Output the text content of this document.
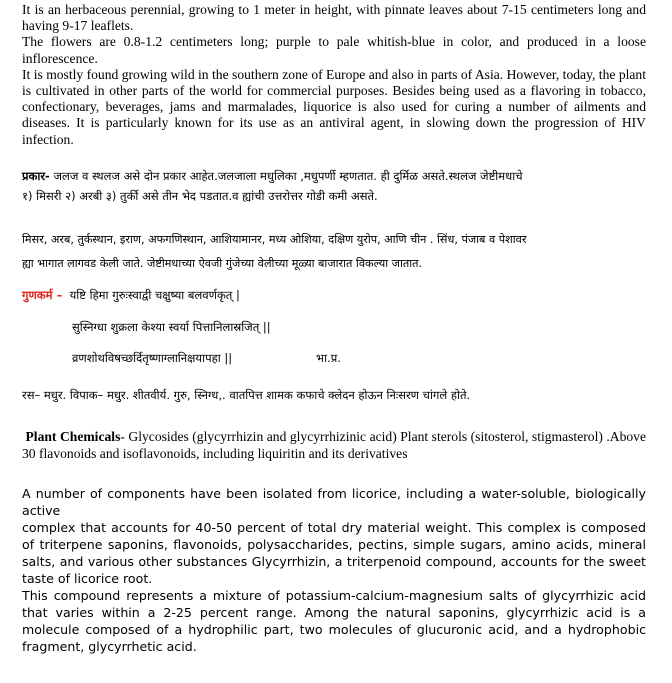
It is an herbaceous perennial, growing to 1 meter in height, with pinnate leaves about 7-15 centimeters long and having 9-17 leaflets.

The flowers are 0.8-1.2 centimeters long; purple to pale whitish-blue in color, and produced in a loose inflorescence.

It is mostly found growing wild in the southern zone of Europe and also in parts of Asia. However, today, the plant is cultivated in other parts of the world for commercial purposes. Besides being used as a flavoring in tobacco, confectionary, beverages, jams and marmalades, liquorice is also used for curing a number of ailments and diseases. It is particularly known for its use as an antiviral agent, in slowing down the progression of HIV infection.

प्रकार- जलज व स्थलज असे दोन प्रकार आहेत.जलजाला मधुलिका ,मधुपर्णी म्हणतात. ही दुर्मिळ असते.स्थलज जेष्टीमधाचे

१) मिसरी २) अरबी ३) तुर्की असे तीन भेद पडतात.व ह्यांची उत्तरोत्तर गोडी कमी असते.

मिसर, अरब, तुर्कस्थान, इराण, अफगणिस्थान, आशियामानर, मध्य ओशिया, दक्षिण युरोप, आणि चीन . सिंध, पंजाब व पेशावर

ह्या भागात लागवड केली जाते. जेष्टीमधाच्या ऐवजी गुंजेच्या वेलीच्या मूळ्या बाजारात विकल्या जातात.

गुणकर्म – यष्टि हिमा गुरुःस्वाद्वी चक्षुष्या बलवर्णकृत् |

सुस्निग्धा शुक्रला केश्या स्वर्या पित्तानिलास्रजित् ||

व्रणशोथविषच्छर्दितृष्णाग्लानिक्षयापहा ||	भा.प्र.

रस– मधुर. विपाक– मधुर. शीतवीर्य. गुरु, स्निग्ध,. वातपित्त शामक कफाचे क्लेदन होऊन निःसरण चांगले होते.

Plant Chemicals- Glycosides (glycyrrhizin and glycyrrhizinic acid) Plant sterols (sitosterol, stigmasterol) .Above 30 flavonoids and isoflavonoids, including liquiritin and its derivatives

A number of components have been isolated from licorice, including a water-soluble, biologically active

complex that accounts for 40-50 percent of total dry material weight. This complex is composed of triterpene saponins, flavonoids, polysaccharides, pectins, simple sugars, amino acids, mineral salts, and various other substances Glycyrrhizin, a triterpenoid compound, accounts for the sweet taste of licorice root.

This compound represents a mixture of potassium-calcium-magnesium salts of glycyrrhizic acid that varies within a 2-25 percent range. Among the natural saponins, glycyrrhizic acid is a molecule composed of a hydrophilic part, two molecules of glucuronic acid, and a hydrophobic fragment, glycyrrhetic acid.
